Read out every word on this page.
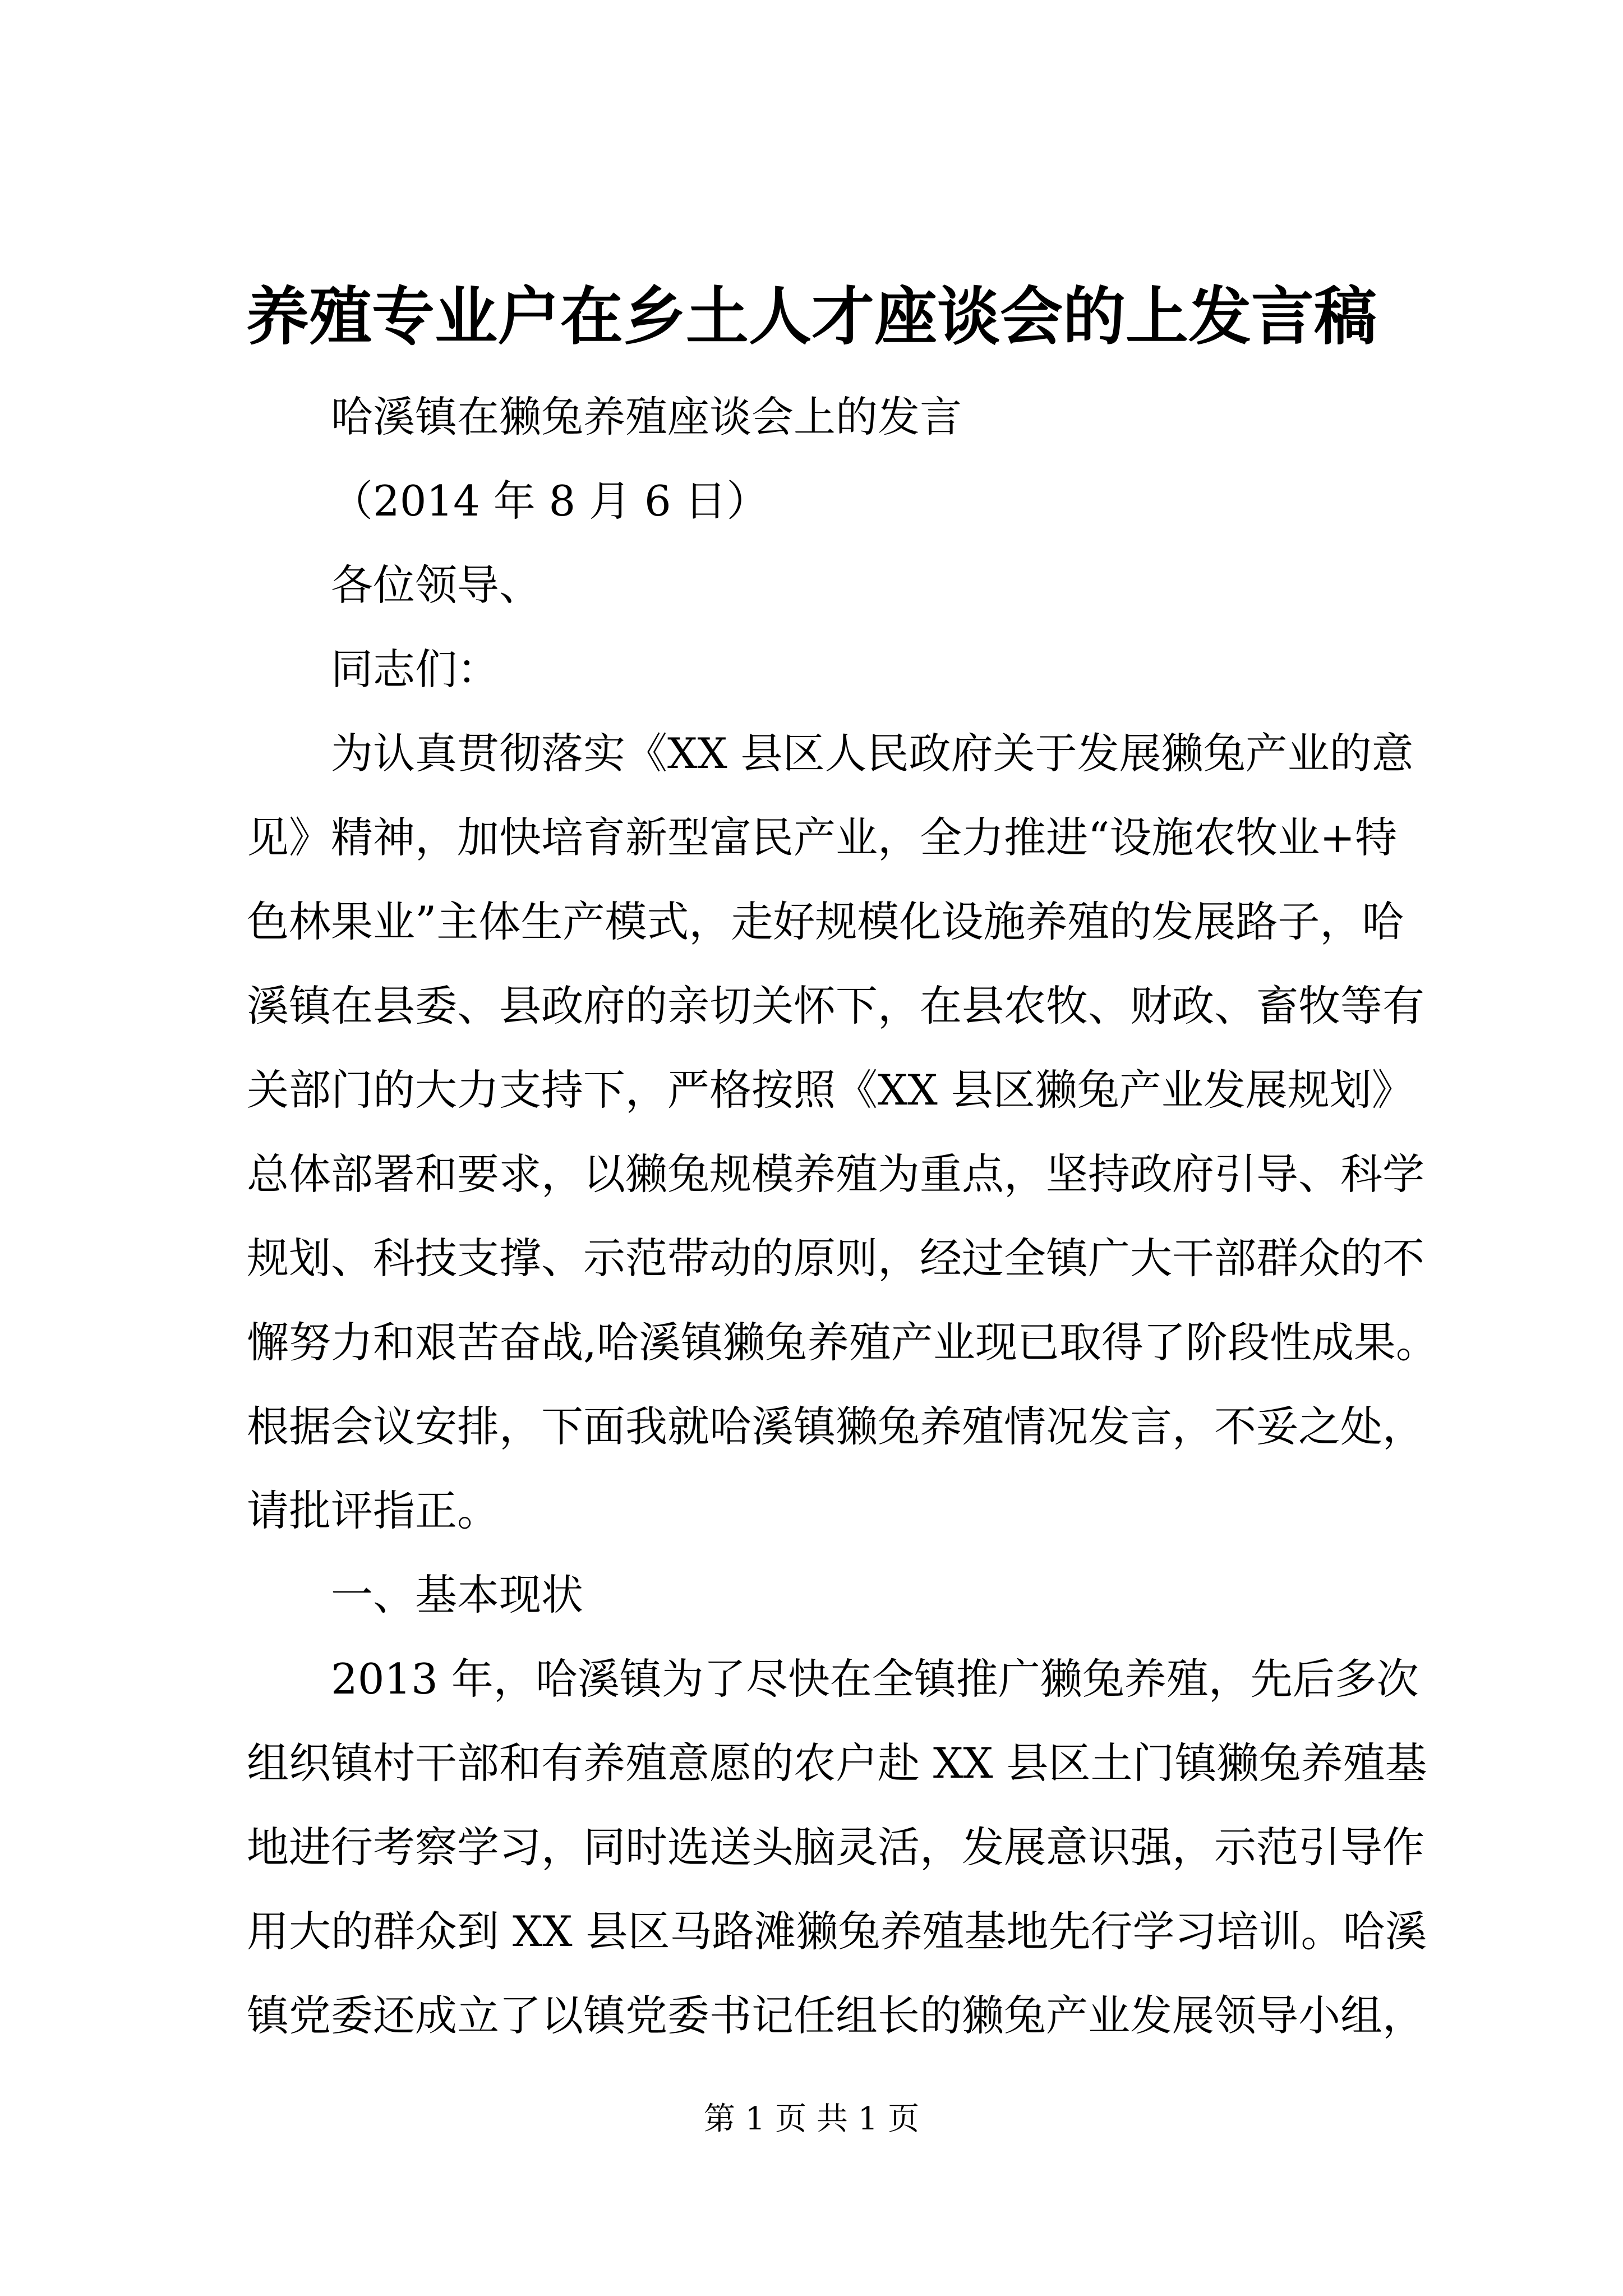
养殖专业户在乡土人才座谈会的上发言稿
哈溪镇在獭兔养殖座谈会上的发言
（2014 年 8 月 6 日）
各位领导、
同志们：
为认真贯彻落实《XX 县区人民政府关于发展獭兔产业的意
见》精神，加快培育新型富民产业，全力推进“设施农牧业+特
色林果业”主体生产模式，走好规模化设施养殖的发展路子，哈
溪镇在县委、县政府的亲切关怀下，在县农牧、财政、畜牧等有
关部门的大力支持下，严格按照《XX 县区獭兔产业发展规划》
总体部署和要求，以獭兔规模养殖为重点，坚持政府引导、科学
规划、科技支撑、示范带动的原则，经过全镇广大干部群众的不
懈努力和艰苦奋战,哈溪镇獭兔养殖产业现已取得了阶段性成果。
根据会议安排，下面我就哈溪镇獭兔养殖情况发言，不妥之处，
请批评指正。
一、基本现状
2013 年，哈溪镇为了尽快在全镇推广獭兔养殖，先后多次
组织镇村干部和有养殖意愿的农户赴 XX 县区土门镇獭兔养殖基
地进行考察学习，同时选送头脑灵活，发展意识强，示范引导作
用大的群众到 XX 县区马路滩獭兔养殖基地先行学习培训。哈溪
镇党委还成立了以镇党委书记任组长的獭兔产业发展领导小组，
第 1 页 共 1 页
